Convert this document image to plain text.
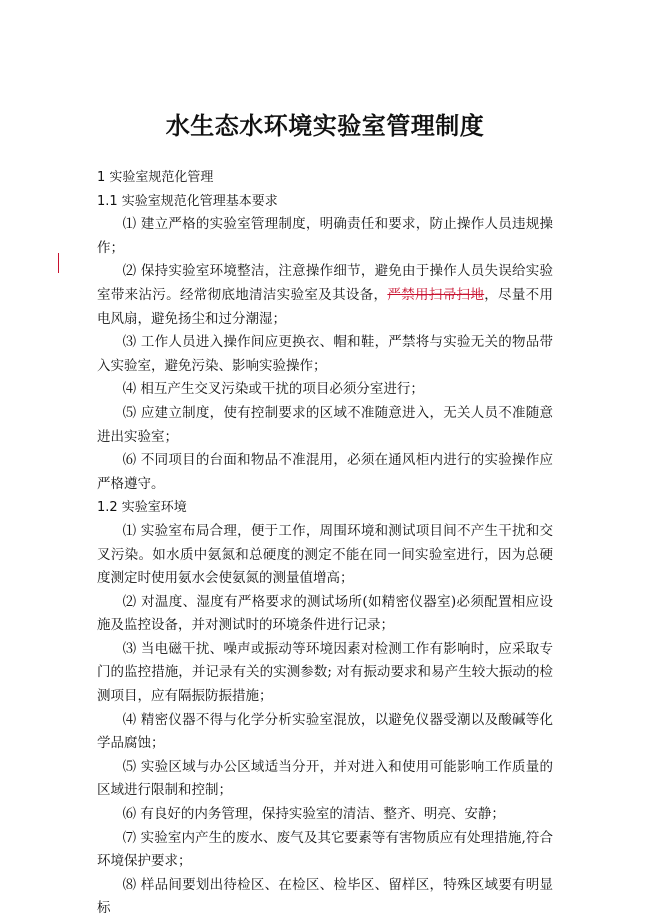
水生态水环境实验室管理制度
1 实验室规范化管理
1.1 实验室规范化管理基本要求
⑴ 建立严格的实验室管理制度，明确责任和要求，防止操作人员违规操作；
⑵ 保持实验室环境整洁，注意操作细节，避免由于操作人员失误给实验室带来沾污。经常彻底地清洁实验室及其设备，严禁用扫帚扫地，尽量不用电风扇，避免扬尘和过分潮湿；
⑶ 工作人员进入操作间应更换衣、帽和鞋，严禁将与实验无关的物品带入实验室，避免污染、影响实验操作；
⑷ 相互产生交叉污染或干扰的项目必须分室进行；
⑸ 应建立制度，使有控制要求的区域不准随意进入，无关人员不准随意进出实验室；
⑹ 不同项目的台面和物品不准混用，必须在通风柜内进行的实验操作应严格遵守。
1.2 实验室环境
⑴ 实验室布局合理，便于工作，周围环境和测试项目间不产生干扰和交叉污染。如水质中氨氮和总硬度的测定不能在同一间实验室进行，因为总硬度测定时使用氨水会使氨氮的测量值增高；
⑵ 对温度、湿度有严格要求的测试场所(如精密仪器室)必须配置相应设施及监控设备，并对测试时的环境条件进行记录；
⑶ 当电磁干扰、噪声或振动等环境因素对检测工作有影响时，应采取专门的监控措施，并记录有关的实测参数; 对有振动要求和易产生较大振动的检测项目，应有隔振防振措施；
⑷ 精密仪器不得与化学分析实验室混放，以避免仪器受潮以及酸碱等化学品腐蚀；
⑸ 实验区域与办公区域适当分开，并对进入和使用可能影响工作质量的区域进行限制和控制；
⑹ 有良好的内务管理，保持实验室的清洁、整齐、明亮、安静；
⑺ 实验室内产生的废水、废气及其它要素等有害物质应有处理措施,符合环境保护要求；
⑻ 样品间要划出待检区、在检区、检毕区、留样区，特殊区域要有明显标
